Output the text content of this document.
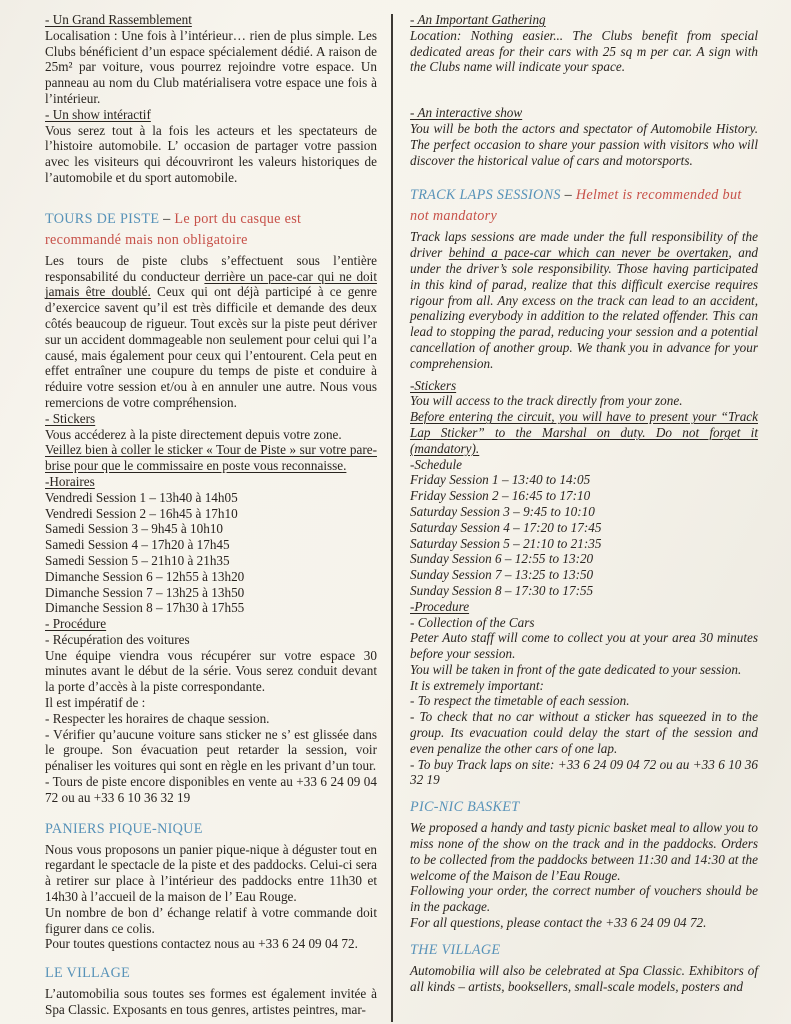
- Un Grand Rassemblement
Localisation : Une fois à l’intérieur… rien de plus simple. Les Clubs bénéficient d’un espace spécialement dédié. A raison de 25m² par voiture, vous pourrez rejoindre votre espace. Un panneau au nom du Club matérialisera votre espace une fois à l’intérieur.
- Un show intéractif
Vous serez tout à la fois les acteurs et les spectateurs de l’histoire automobile. L’ occasion de partager votre passion avec les visiteurs qui découvriront les valeurs historiques de l’automobile et du sport automobile.
TOURS DE PISTE – Le port du casque est recommandé mais non obligatoire
Les tours de piste clubs s’effectuent sous l’entière responsabilité du conducteur derrière un pace-car qui ne doit jamais être doublé. Ceux qui ont déjà participé à ce genre d’exercice savent qu’il est très difficile et demande des deux côtés beaucoup de rigueur. Tout excès sur la piste peut dériver sur un accident dommageable non seulement pour celui qui l’a causé, mais également pour ceux qui l’entourent. Cela peut en effet entraîner une coupure du temps de piste et conduire à réduire votre session et/ou à en annuler une autre. Nous vous remercions de votre compréhension.
- Stickers
Vous accéderez à la piste directement depuis votre zone.
Veillez bien à coller le sticker « Tour de Piste » sur votre pare-brise pour que le commissaire en poste vous reconnaisse.
-Horaires
Vendredi Session 1 – 13h40 à 14h05
Vendredi Session 2 – 16h45 à 17h10
Samedi Session 3 – 9h45 à 10h10
Samedi Session 4 – 17h20 à 17h45
Samedi Session 5 – 21h10 à 21h35
Dimanche Session 6 – 12h55 à 13h20
Dimanche Session 7 – 13h25 à 13h50
Dimanche Session 8 – 17h30 à 17h55
- Procédure
- Récupération des voitures
Une équipe viendra vous récupérer sur votre espace 30 minutes avant le début de la série. Vous serez conduit devant la porte d’accès à la piste correspondante.
Il est impératif de :
- Respecter les horaires de chaque session.
- Vérifier qu’aucune voiture sans sticker ne s’ est glissée dans le groupe. Son évacuation peut retarder la session, voir pénaliser les voitures qui sont en règle en les privant d’un tour.
- Tours de piste encore disponibles en vente au +33 6 24 09 04 72 ou au +33 6 10 36 32 19
PANIERS PIQUE-NIQUE
Nous vous proposons un panier pique-nique à déguster tout en regardant le spectacle de la piste et des paddocks. Celui-ci sera à retirer sur place à l’intérieur des paddocks entre 11h30 et 14h30 à l’accueil de la maison de l’ Eau Rouge.
Un nombre de bon d’ échange relatif à votre commande doit figurer dans ce colis.
Pour toutes questions contactez nous au +33 6 24 09 04 72.
LE VILLAGE
L’automobilia sous toutes ses formes est également invitée à Spa Classic. Exposants en tous genres, artistes peintres, mar-
- An Important Gathering
Location: Nothing easier... The Clubs benefit from special dedicated areas for their cars with 25 sq m per car. A sign with the Clubs name will indicate your space.
- An interactive show
You will be both the actors and spectator of Automobile History. The perfect occasion to share your passion with visitors who will discover the historical value of cars and motorsports.
TRACK LAPS SESSIONS – Helmet is recommended but not mandatory
Track laps sessions are made under the full responsibility of the driver behind a pace-car which can never be overtaken, and under the driver’s sole responsibility. Those having participated in this kind of parad, realize that this difficult exercise requires rigour from all. Any excess on the track can lead to an accident, penalizing everybody in addition to the related offender. This can lead to stopping the parad, reducing your session and a potential cancellation of another group. We thank you in advance for your comprehension.
-Stickers
You will access to the track directly from your zone.
Before entering the circuit, you will have to present your “Track Lap Sticker” to the Marshal on duty. Do not forget it (mandatory).
-Schedule
Friday Session 1 – 13:40 to 14:05
Friday Session 2 – 16:45 to 17:10
Saturday Session 3 – 9:45 to 10:10
Saturday Session 4 – 17:20 to 17:45
Saturday Session 5 – 21:10 to 21:35
Sunday Session 6 – 12:55 to 13:20
Sunday Session 7 – 13:25 to 13:50
Sunday Session 8 – 17:30 to 17:55
-Procedure
- Collection of the Cars
Peter Auto staff will come to collect you at your area 30 minutes before your session.
You will be taken in front of the gate dedicated to your session.
It is extremely important:
- To respect the timetable of each session.
- To check that no car without a sticker has squeezed in to the group. Its evacuation could delay the start of the session and even penalize the other cars of one lap.
- To buy Track laps on site: +33 6 24 09 04 72 ou au +33 6 10 36 32 19
PIC-NIC BASKET
We proposed a handy and tasty picnic basket meal to allow you to miss none of the show on the track and in the paddocks. Orders to be collected from the paddocks between 11:30 and 14:30 at the welcome of the Maison de l’Eau Rouge.
Following your order, the correct number of vouchers should be in the package.
For all questions, please contact the +33 6 24 09 04 72.
THE VILLAGE
Automobilia will also be celebrated at Spa Classic. Exhibitors of all kinds – artists, booksellers, small-scale models, posters and
